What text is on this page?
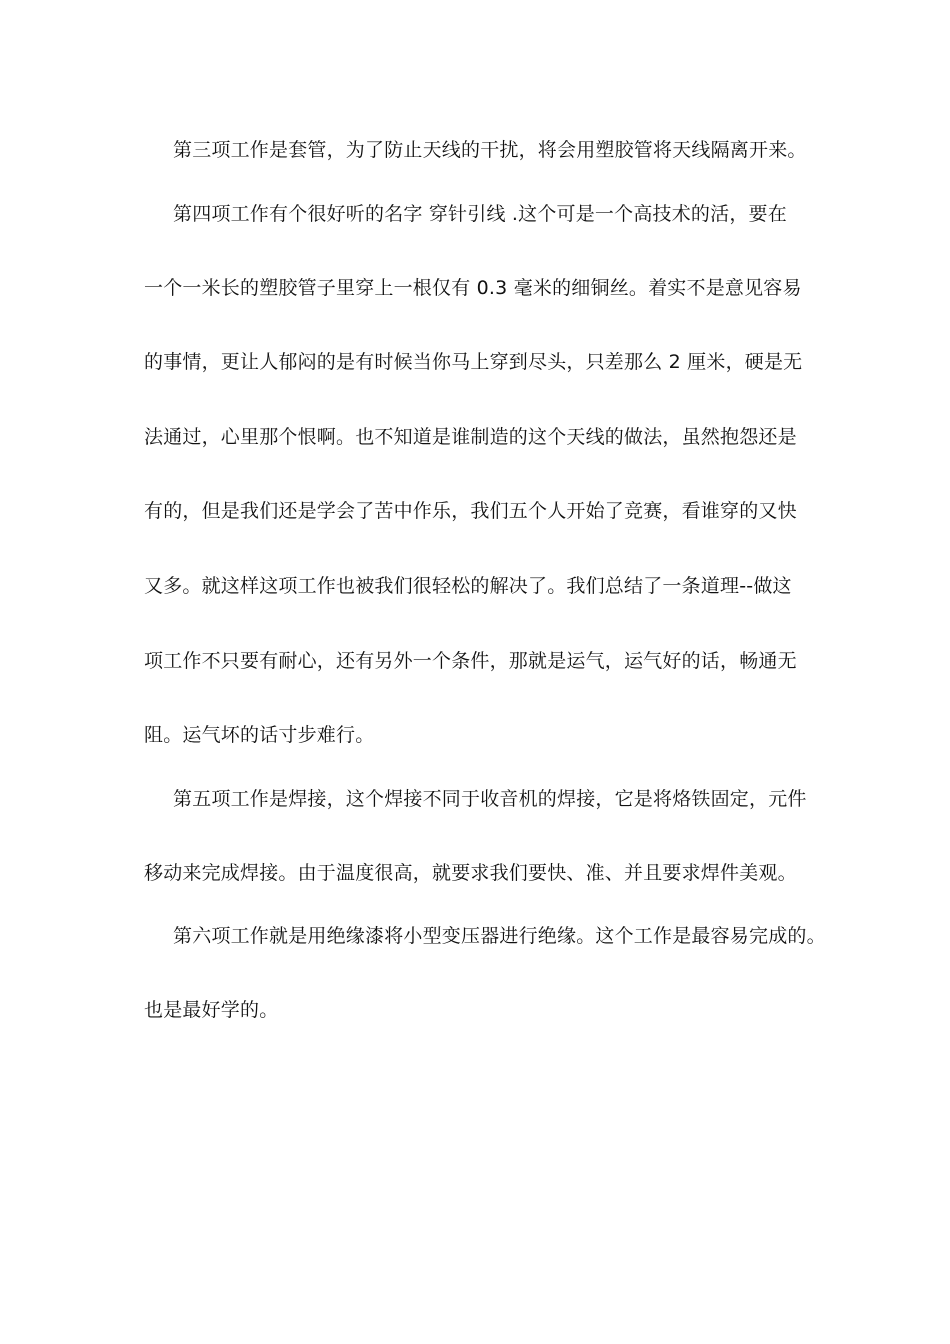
第三项工作是套管，为了防止天线的干扰，将会用塑胶管将天线隔离开来。

第四项工作有个很好听的名字 穿针引线 .这个可是一个高技术的活，要在

一个一米长的塑胶管子里穿上一根仅有 0.3 毫米的细铜丝。着实不是意见容易

的事情，更让人郁闷的是有时候当你马上穿到尽头，只差那么 2 厘米，硬是无

法通过，心里那个恨啊。也不知道是谁制造的这个天线的做法，虽然抱怨还是

有的，但是我们还是学会了苦中作乐，我们五个人开始了竞赛，看谁穿的又快

又多。就这样这项工作也被我们很轻松的解决了。我们总结了一条道理--做这

项工作不只要有耐心，还有另外一个条件，那就是运气，运气好的话，畅通无

阻。运气坏的话寸步难行。

第五项工作是焊接，这个焊接不同于收音机的焊接，它是将烙铁固定，元件

移动来完成焊接。由于温度很高，就要求我们要快、准、并且要求焊件美观。

第六项工作就是用绝缘漆将小型变压器进行绝缘。这个工作是最容易完成的。

也是最好学的。
